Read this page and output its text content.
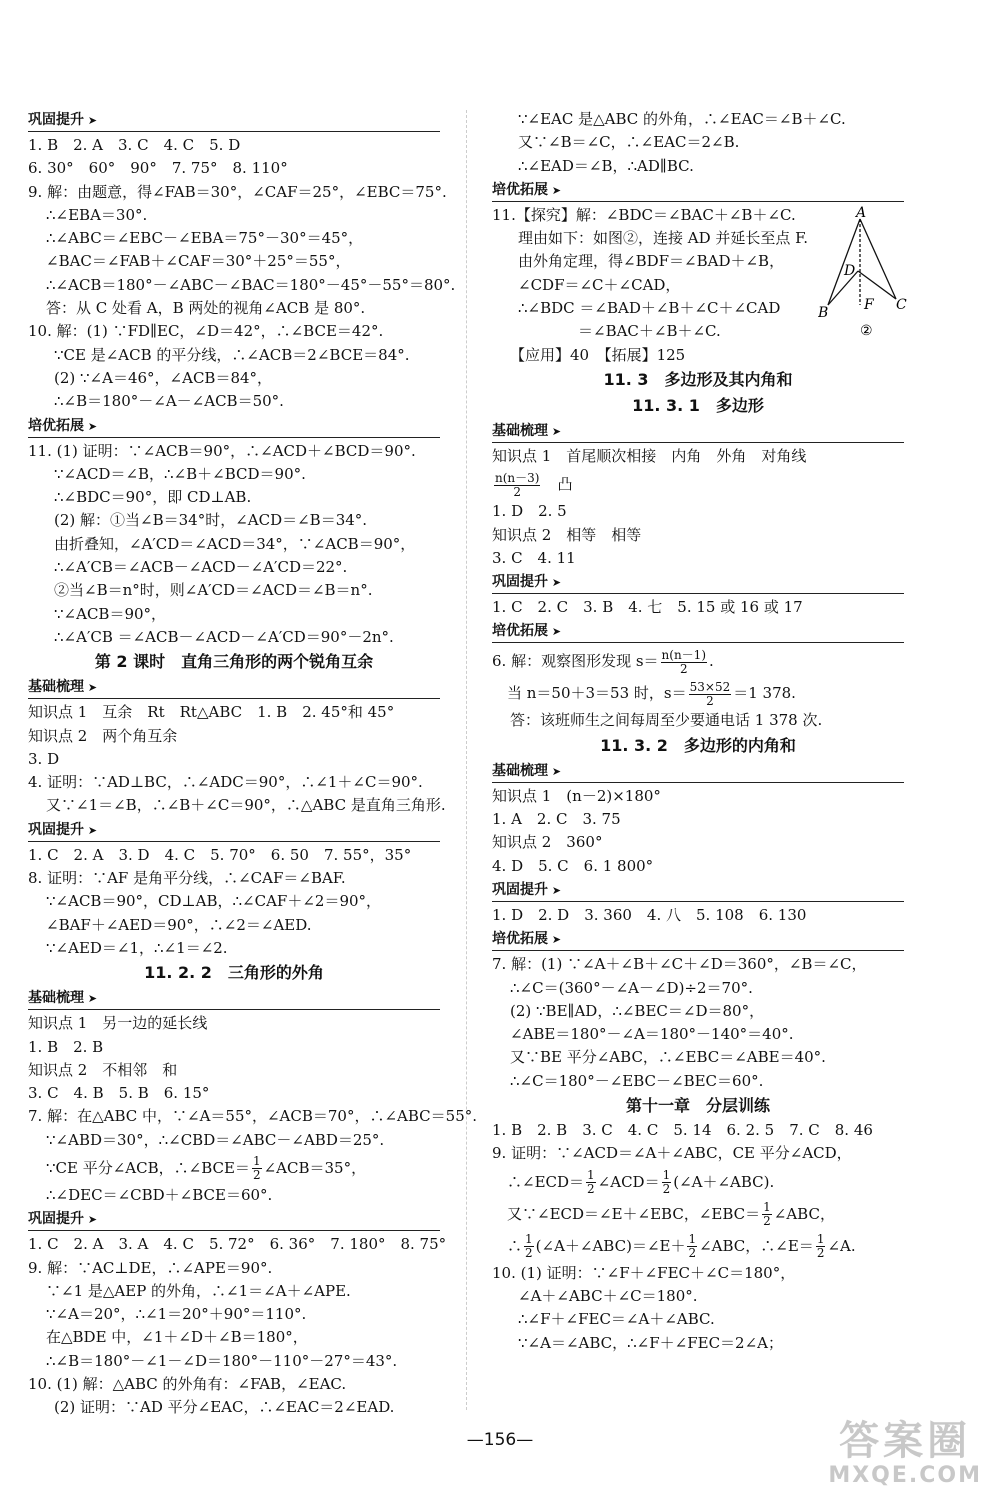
巩固提升 ➤
1. B　2. A　3. C　4. C　5. D
6. 30°　60°　90°　7. 75°　8. 110°
9. 解：由题意，得∠FAB＝30°，∠CAF＝25°，∠EBC＝75°.
∴∠EBA＝30°.
∴∠ABC＝∠EBC－∠EBA＝75°－30°＝45°，
∠BAC＝∠FAB＋∠CAF＝30°＋25°＝55°，
∴∠ACB＝180°－∠ABC－∠BAC＝180°－45°－55°＝80°.
答：从 C 处看 A，B 两处的视角∠ACB 是 80°.
10. 解：(1) ∵FD∥EC，∠D＝42°，∴∠BCE＝42°.
∵CE 是∠ACB 的平分线，∴∠ACB＝2∠BCE＝84°.
(2) ∵∠A＝46°，∠ACB＝84°，
∴∠B＝180°－∠A－∠ACB＝50°.
培优拓展 ➤
11. (1) 证明：∵∠ACB＝90°，∴∠ACD＋∠BCD＝90°.
∵∠ACD＝∠B，∴∠B＋∠BCD＝90°.
∴∠BDC＝90°，即 CD⊥AB.
(2) 解：①当∠B＝34°时，∠ACD＝∠B＝34°.
由折叠知，∠A′CD＝∠ACD＝34°，∵∠ACB＝90°，
∴∠A′CB＝∠ACB－∠ACD－∠A′CD＝22°.
②当∠B＝n°时，则∠A′CD＝∠ACD＝∠B＝n°.
∵∠ACB＝90°，
∴∠A′CB ＝∠ACB－∠ACD－∠A′CD＝90°－2n°.
第 2 课时　直角三角形的两个锐角互余
基础梳理 ➤
知识点 1　互余　Rt　Rt△ABC　1. B　2. 45°和 45°
知识点 2　两个角互余
3. D
4. 证明：∵AD⊥BC，∴∠ADC＝90°，∴∠1＋∠C＝90°.
又∵∠1＝∠B，∴∠B＋∠C＝90°，∴△ABC 是直角三角形.
巩固提升 ➤
1. C　2. A　3. D　4. C　5. 70°　6. 50　7. 55°，35°
8. 证明：∵AF 是角平分线，∴∠CAF＝∠BAF.
∵∠ACB＝90°，CD⊥AB，∴∠CAF＋∠2＝90°，
∠BAF＋∠AED＝90°，∴∠2＝∠AED.
∵∠AED＝∠1，∴∠1＝∠2.
11. 2. 2　三角形的外角
基础梳理 ➤
知识点 1　另一边的延长线
1. B　2. B
知识点 2　不相邻　和
3. C　4. B　5. B　6. 15°
7. 解：在△ABC 中，∵∠A＝55°，∠ACB＝70°，∴∠ABC＝55°.
∵∠ABD＝30°，∴∠CBD＝∠ABC－∠ABD＝25°.
∵CE 平分∠ACB，∴∠BCE＝ $\frac{1}{2}$ ∠ACB＝35°，
∴∠DEC＝∠CBD＋∠BCE＝60°.
巩固提升 ➤
1. C　2. A　3. A　4. C　5. 72°　6. 36°　7. 180°　8. 75°
9. 解：∵AC⊥DE，∴∠APE＝90°.
∵∠1 是△AEP 的外角，∴∠1＝∠A＋∠APE.
∵∠A＝20°，∴∠1＝20°＋90°＝110°.
在△BDE 中，∠1＋∠D＋∠B＝180°，
∴∠B＝180°－∠1－∠D＝180°－110°－27°＝43°.
10. (1) 解：△ABC 的外角有：∠FAB，∠EAC.
(2) 证明：∵AD 平分∠EAC，∴∠EAC＝2∠EAD.
∵∠EAC 是△ABC 的外角，∴∠EAC＝∠B＋∠C.
又∵∠B＝∠C，∴∠EAC＝2∠B.
∴∠EAD＝∠B，∴AD∥BC.
培优拓展 ➤
11.【探究】解：∠BDC＝∠BAC＋∠B＋∠C.
理由如下：如图②，连接 AD 并延长至点 F.
由外角定理，得∠BDF＝∠BAD＋∠B，
∠CDF＝∠C＋∠CAD，
∴∠BDC ＝∠BAD＋∠B＋∠C＋∠CAD
　　　　＝∠BAC＋∠B＋∠C.
【应用】40　【拓展】125
11. 3　多边形及其内角和
11. 3. 1　多边形
基础梳理 ➤
知识点 1　首尾顺次相接　内角　外角　对角线
$\frac{n(n-3)}{2}$ 　凸
1. D　2. 5
知识点 2　相等　相等
3. C　4. 11
巩固提升 ➤
1. C　2. C　3. B　4. 七　5. 15 或 16 或 17
培优拓展 ➤
6. 解：观察图形发现 $s= \frac{n(n-1)}{2}$ .
　当 n＝50＋3＝53 时，$s= \frac{53\times 52}{2} =1$ 378.
答：该班师生之间每周至少要通电话 1 378 次.
11. 3. 2　多边形的内角和
基础梳理 ➤
知识点 1　(n－2)×180°
1. A　2. C　3. 75
知识点 2　360°
4. D　5. C　6. 1 800°
巩固提升 ➤
1. D　2. D　3. 360　4. 八　5. 108　6. 130
培优拓展 ➤
7. 解：(1) ∵∠A＋∠B＋∠C＋∠D＝360°，∠B＝∠C，
∴∠C＝(360°－∠A－∠D)÷2＝70°.
(2) ∵BE∥AD，∴∠BEC＝∠D＝80°，
∠ABE＝180°－∠A＝180°－140°＝40°.
又∵BE 平分∠ABC，∴∠EBC＝∠ABE＝40°.
∴∠C＝180°－∠EBC－∠BEC＝60°.
第十一章　分层训练
1. B　2. B　3. C　4. C　5. 14　6. 2. 5　7. C　8. 46
9. 证明：∵∠ACD＝∠A＋∠ABC，CE 平分∠ACD，
　∴∠ECD＝ $\frac{1}{2}$ ∠ACD＝ $\frac{1}{2}$ (∠A＋∠ABC).
　又∵∠ECD＝∠E＋∠EBC，∠EBC＝ $\frac{1}{2}$ ∠ABC，
　∴ $\frac{1}{2}$ (∠A＋∠ABC)＝∠E＋ $\frac{1}{2}$ ∠ABC，∴∠E＝ $\frac{1}{2}$ ∠A.
10. (1) 证明：∵∠F＋∠FEC＋∠C＝180°，
∠A＋∠ABC＋∠C＝180°.
∴∠F＋∠FEC＝∠A＋∠ABC.
∵∠A＝∠ABC，∴∠F＋∠FEC＝2∠A；
A
D
F
B	C
②
—156—	答案圈
MXQE.COM
